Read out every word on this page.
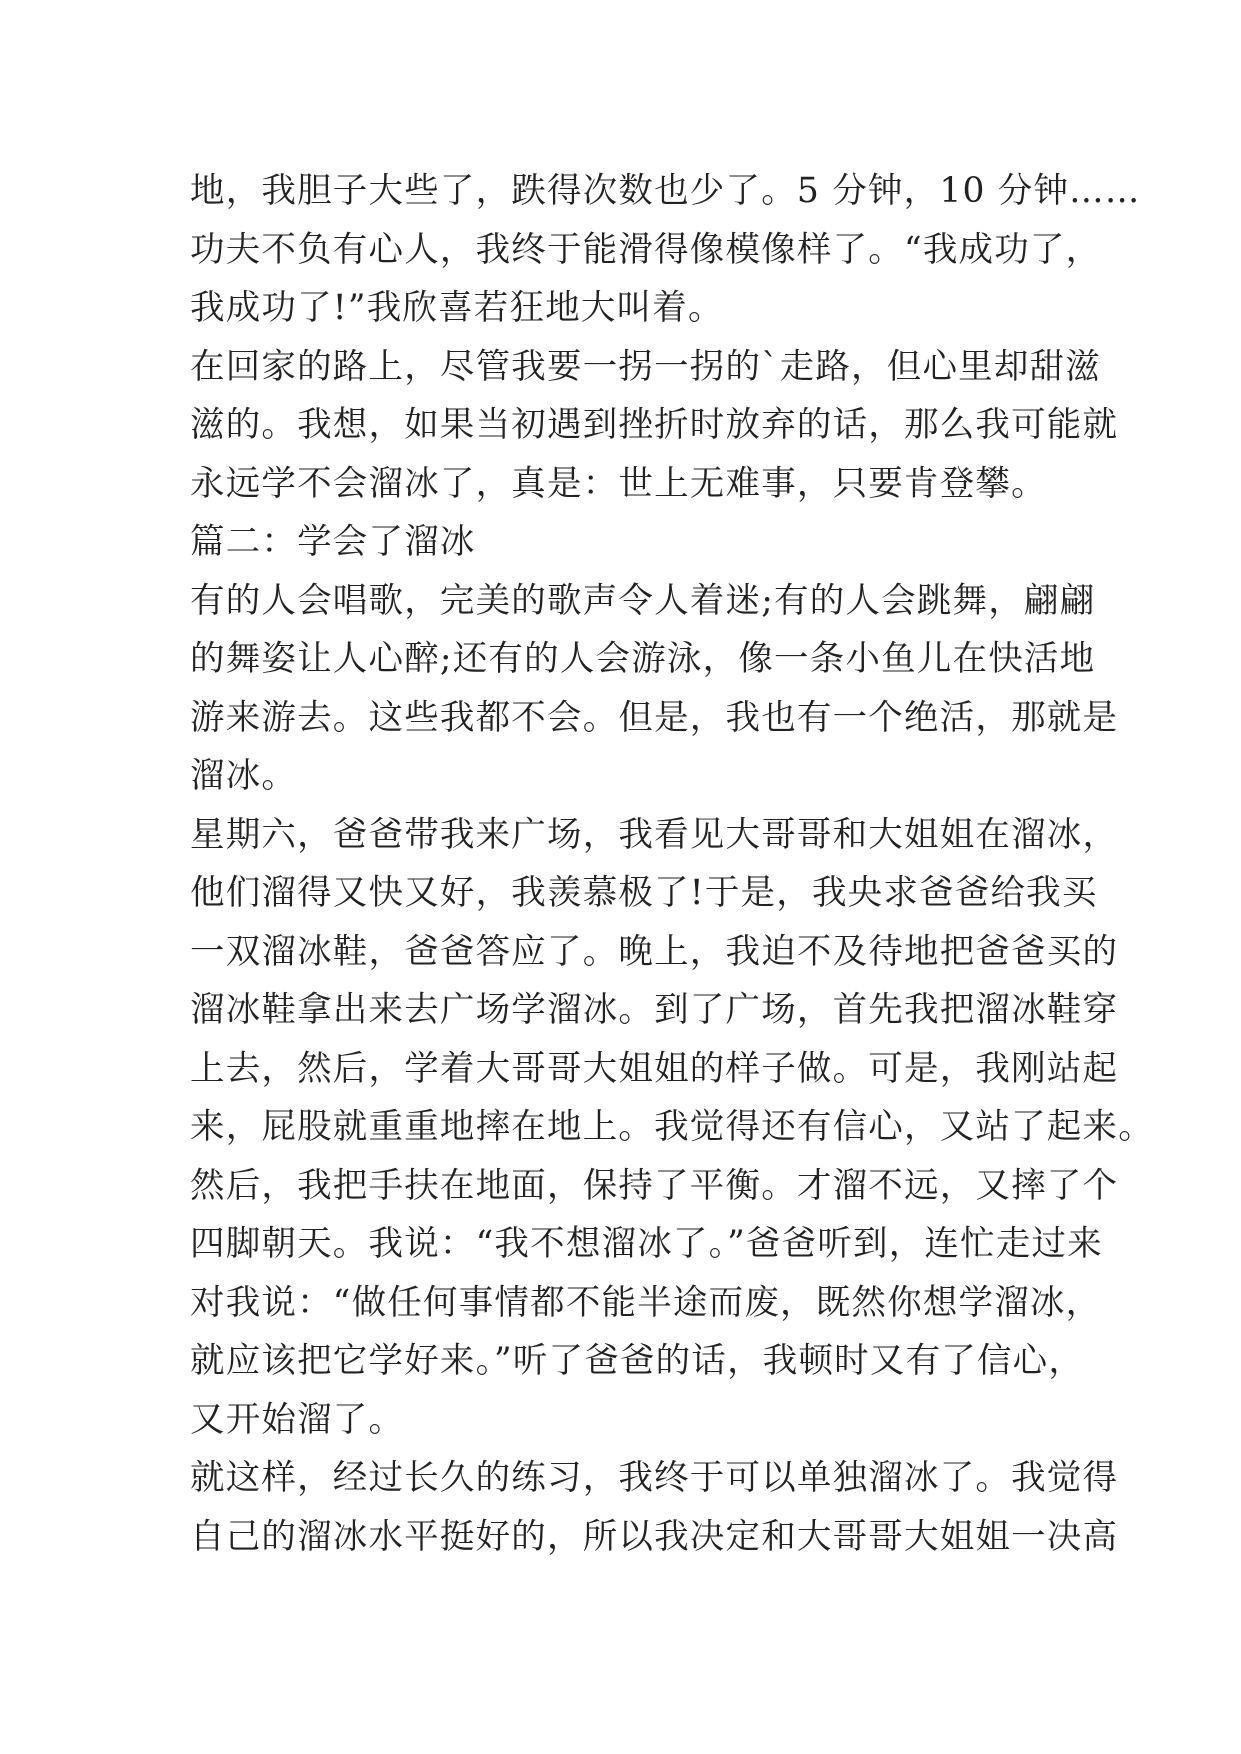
地，我胆子大些了，跌得次数也少了。5 分钟，10 分钟……
功夫不负有心人，我终于能滑得像模像样了。“我成功了，
我成功了!”我欣喜若狂地大叫着。
在回家的路上，尽管我要一拐一拐的`走路，但心里却甜滋
滋的。我想，如果当初遇到挫折时放弃的话，那么我可能就
永远学不会溜冰了，真是：世上无难事，只要肯登攀。
篇二：学会了溜冰
有的人会唱歌，完美的歌声令人着迷;有的人会跳舞，翩翩
的舞姿让人心醉;还有的人会游泳，像一条小鱼儿在快活地
游来游去。这些我都不会。但是，我也有一个绝活，那就是
溜冰。
星期六，爸爸带我来广场，我看见大哥哥和大姐姐在溜冰，
他们溜得又快又好，我羡慕极了!于是，我央求爸爸给我买
一双溜冰鞋，爸爸答应了。晚上，我迫不及待地把爸爸买的
溜冰鞋拿出来去广场学溜冰。到了广场，首先我把溜冰鞋穿
上去，然后，学着大哥哥大姐姐的样子做。可是，我刚站起
来，屁股就重重地摔在地上。我觉得还有信心，又站了起来。
然后，我把手扶在地面，保持了平衡。才溜不远，又摔了个
四脚朝天。我说：“我不想溜冰了。”爸爸听到，连忙走过来
对我说：“做任何事情都不能半途而废，既然你想学溜冰，
就应该把它学好来。”听了爸爸的话，我顿时又有了信心，
又开始溜了。
就这样，经过长久的练习，我终于可以单独溜冰了。我觉得
自己的溜冰水平挺好的，所以我决定和大哥哥大姐姐一决高
